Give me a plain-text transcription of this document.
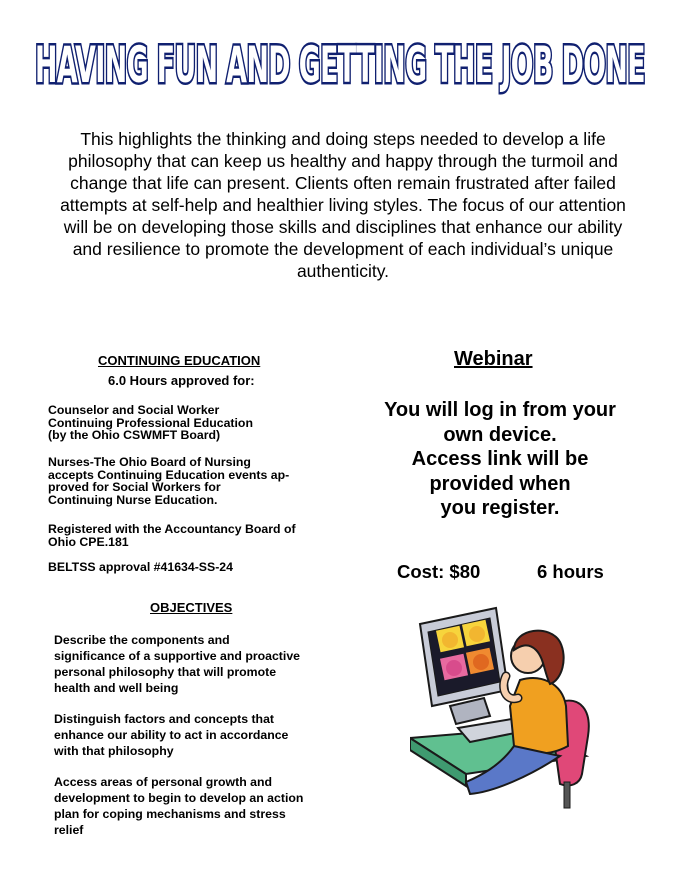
HAVING FUN AND GETTING THE JOB DONE

This highlights the thinking and doing steps needed to develop a life philosophy that can keep us healthy and happy through the turmoil and change that life can present. Clients often remain frustrated after failed attempts at self-help and healthier living styles. The focus of our attention will be on developing those skills and disciplines that enhance our ability and resilience to promote the development of each individual’s unique authenticity.

CONTINUING EDUCATION

6.0 Hours approved for:

Counselor and Social Worker
Continuing Professional Education
(by the Ohio CSWMFT Board)

Nurses-The Ohio Board of Nursing
accepts Continuing Education events ap-
proved for Social Workers for
Continuing Nurse Education.

Registered with the Accountancy Board of
Ohio CPE.181

BELTSS approval #41634-SS-24

OBJECTIVES

Describe the components and
significance of a supportive and proactive
personal philosophy that will promote
health and well being

Distinguish factors and concepts that
enhance our ability to act in accordance
with that philosophy

Access areas of personal growth and
development to begin to develop an action
plan for coping mechanisms and stress
relief

Webinar

You will log in from your
own device.
Access link will be
provided when
you register.

Cost: $80	6 hours
